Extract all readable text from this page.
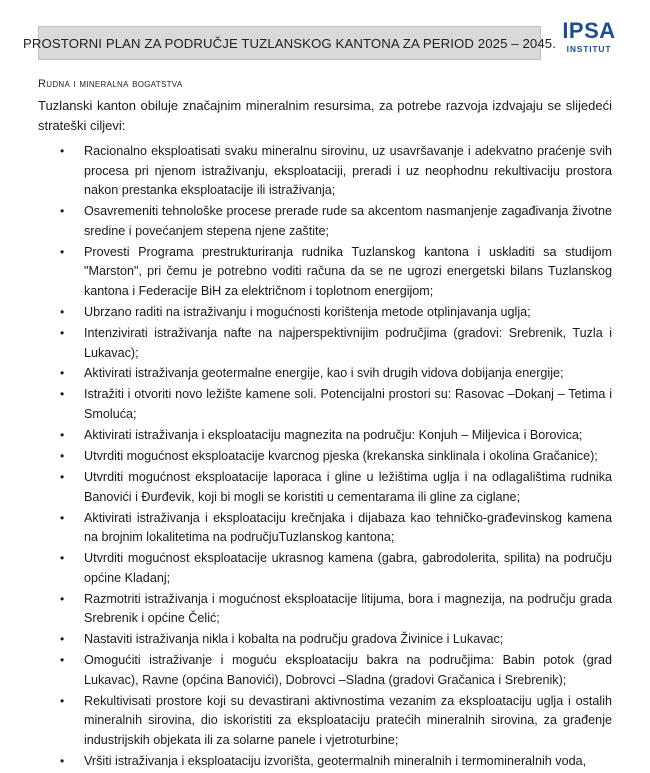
PROSTORNI PLAN ZA PODRUČJE TUZLANSKOG KANTONA ZA PERIOD 2025 – 2045. IPSA
INSTITUT
Rudna i mineralna bogatstva
Tuzlanski kanton obiluje značajnim mineralnim resursima, za potrebe razvoja izdvajaju se slijedeći strateški ciljevi:
• Racionalno eksploatisati svaku mineralnu sirovinu, uz usavršavanje i adekvatno praćenje svih procesa pri njenom istraživanju, eksploataciji, preradi i uz neophodnu rekultivaciju prostora nakon prestanka eksploatacije ili istraživanja;
• Osavremeniti tehnološke procese prerade rude sa akcentom nasmanjenje zagađivanja životne sredine i povećanjem stepena njene zaštite;
• Provesti Programa prestrukturiranja rudnika Tuzlanskog kantona i uskladiti sa studijom "Marston", pri čemu je potrebno voditi računa da se ne ugrozi energetski bilans Tuzlanskog kantona i Federacije BiH za električnom i toplotnom energijom;
• Ubrzano raditi na istraživanju i mogućnosti korištenja metode otplinjavanja uglja;
• Intenzivirati istraživanja nafte na najperspektivnijim područjima (gradovi: Srebrenik, Tuzla i Lukavac);
• Aktivirati istraživanja geotermalne energije, kao i svih drugih vidova dobijanja energije;
• Istražiti i otvoriti novo ležište kamene soli. Potencijalni prostori su: Rasovac –Dokanj – Tetima i Smoluća;
• Aktivirati istraživanja i eksploataciju magnezita na području: Konjuh – Miljevica i Borovica;
• Utvrditi mogućnost eksploatacije kvarcnog pjeska (krekanska sinklinala i okolina Gračanice);
• Utvrditi mogućnost eksploatacije laporaca i gline u ležištima uglja i na odlagalištima rudnika Banovići i Đurđevik, koji bi mogli se koristiti u cementarama ili gline za ciglane;
• Aktivirati istraživanja i eksploataciju krečnjaka i dijabaza kao tehničko-građevinskog kamena na brojnim lokalitetima na područjuTuzlanskog kantona;
• Utvrditi mogućnost eksploatacije ukrasnog kamena (gabra, gabrodolerita, spilita) na području općine Kladanj;
• Razmotriti istraživanja i mogućnost eksploatacije litijuma, bora i magnezija, na području grada Srebrenik i općine Čelić;
• Nastaviti istraživanja nikla i kobalta na području gradova Živinice i Lukavac;
• Omogućiti istraživanje i moguću eksploataciju bakra na područjima: Babin potok (grad Lukavac), Ravne (općina Banovići), Dobrovci –Sladna (gradovi Gračanica i Srebrenik);
• Rekultivisati prostore koji su devastirani aktivnostima vezanim za eksploataciju uglja i ostalih mineralnih sirovina, dio iskoristiti za eksploataciju pratećih mineralnih sirovina, za građenje industrijskih objekata ili za solarne panele i vjetroturbine;
• Vršiti istraživanja i eksploataciju izvorišta, geotermalnih mineralnih i termomineralnih voda,
